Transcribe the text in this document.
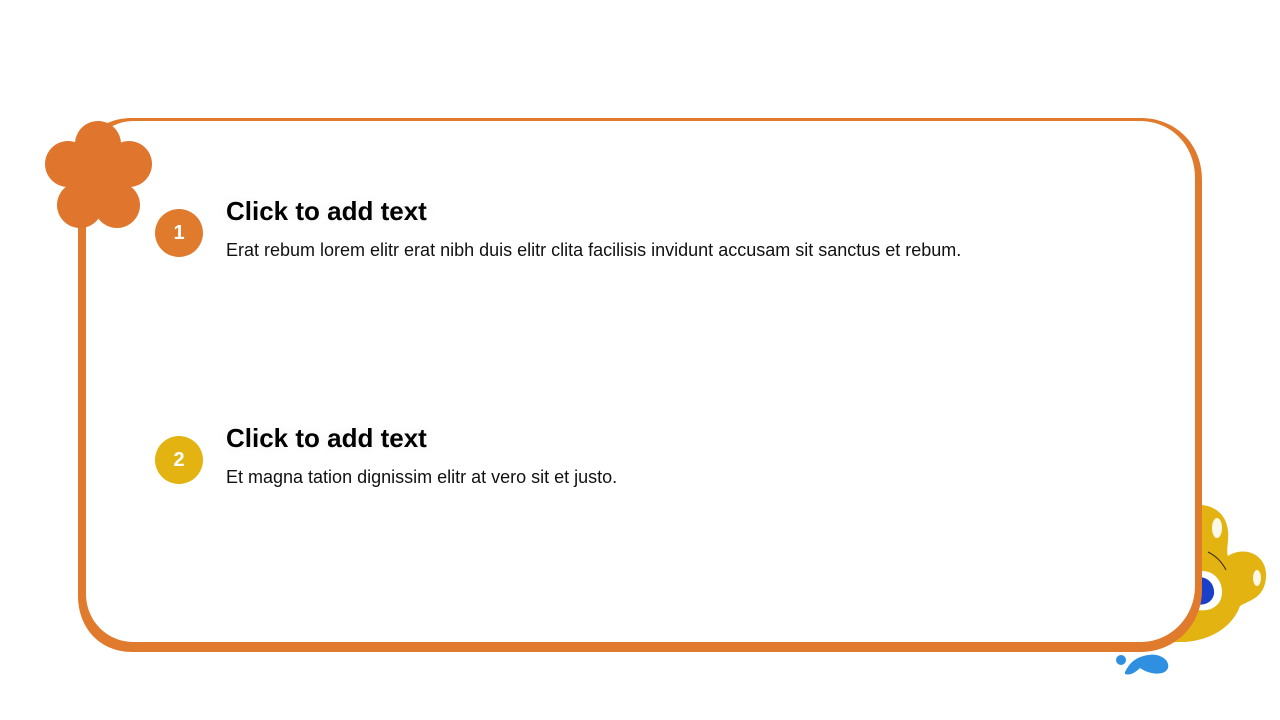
1
Click to add text
Erat rebum lorem elitr erat nibh duis elitr clita facilisis invidunt accusam sit sanctus et rebum.
2
Click to add text
Et magna tation dignissim elitr at vero sit et justo.
